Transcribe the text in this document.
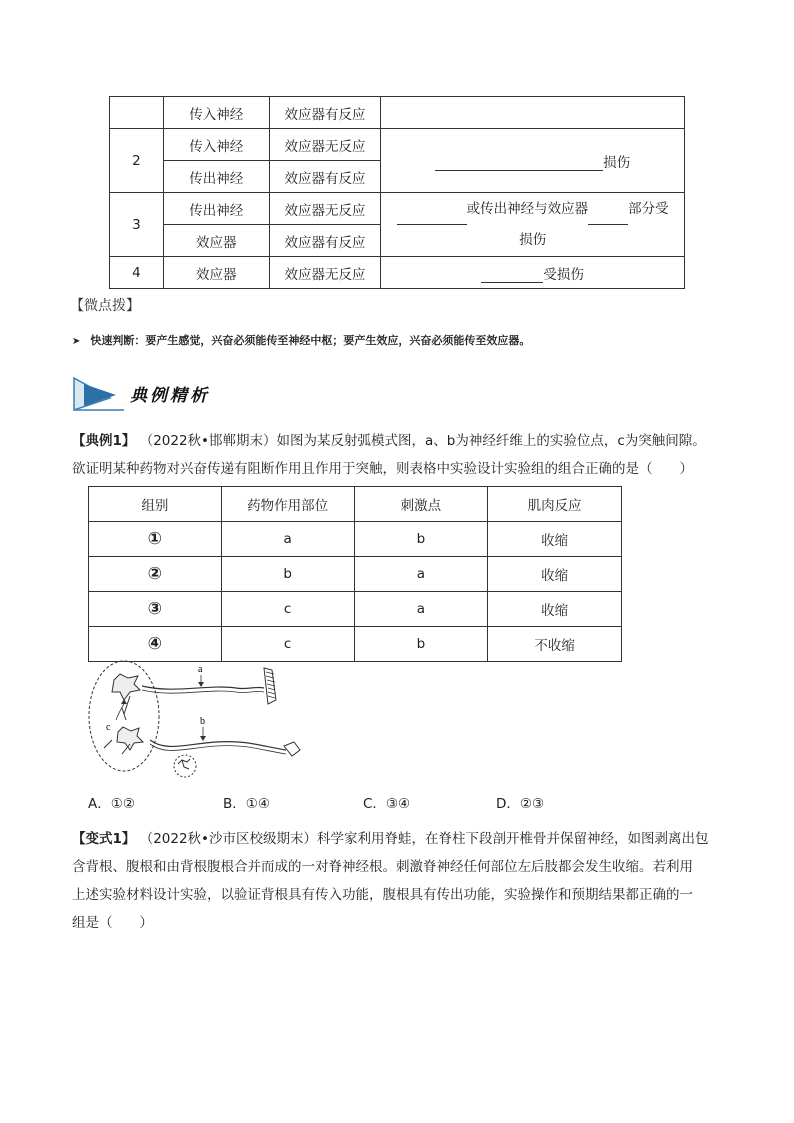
	传入神经	效应器有反应	
2	传入神经	效应器无反应	损伤
	传出神经	效应器有反应	
3	传出神经	效应器无反应	或传出神经与效应器 部分受
损伤

	效应器	效应器有反应	
4	效应器	效应器无反应	受损伤
【微点拨】
➤ 快速判断：要产生感觉，兴奋必须能传至神经中枢；要产生效应，兴奋必须能传至效应器。
典例精析
【典例1】 （2022秋•邯郸期末）如图为某反射弧模式图，a、b为神经纤维上的实验位点，c为突触间隙。
欲证明某种药物对兴奋传递有阻断作用且作用于突触，则表格中实验设计实验组的组合正确的是（　　）
组别	药物作用部位	刺激点	肌肉反应
①	a	b	收缩
②	b	a	收缩
③	c	a	收缩
④	c	b	不收缩
a
b
c
A．①②	B．①④	C．③④	D．②③
【变式1】 （2022秋•沙市区校级期末）科学家利用脊蛙，在脊柱下段剖开椎骨并保留神经，如图剥离出包
含背根、腹根和由背根腹根合并而成的一对脊神经根。刺激脊神经任何部位左后肢都会发生收缩。若利用
上述实验材料设计实验，以验证背根具有传入功能，腹根具有传出功能，实验操作和预期结果都正确的一
组是（　　）
